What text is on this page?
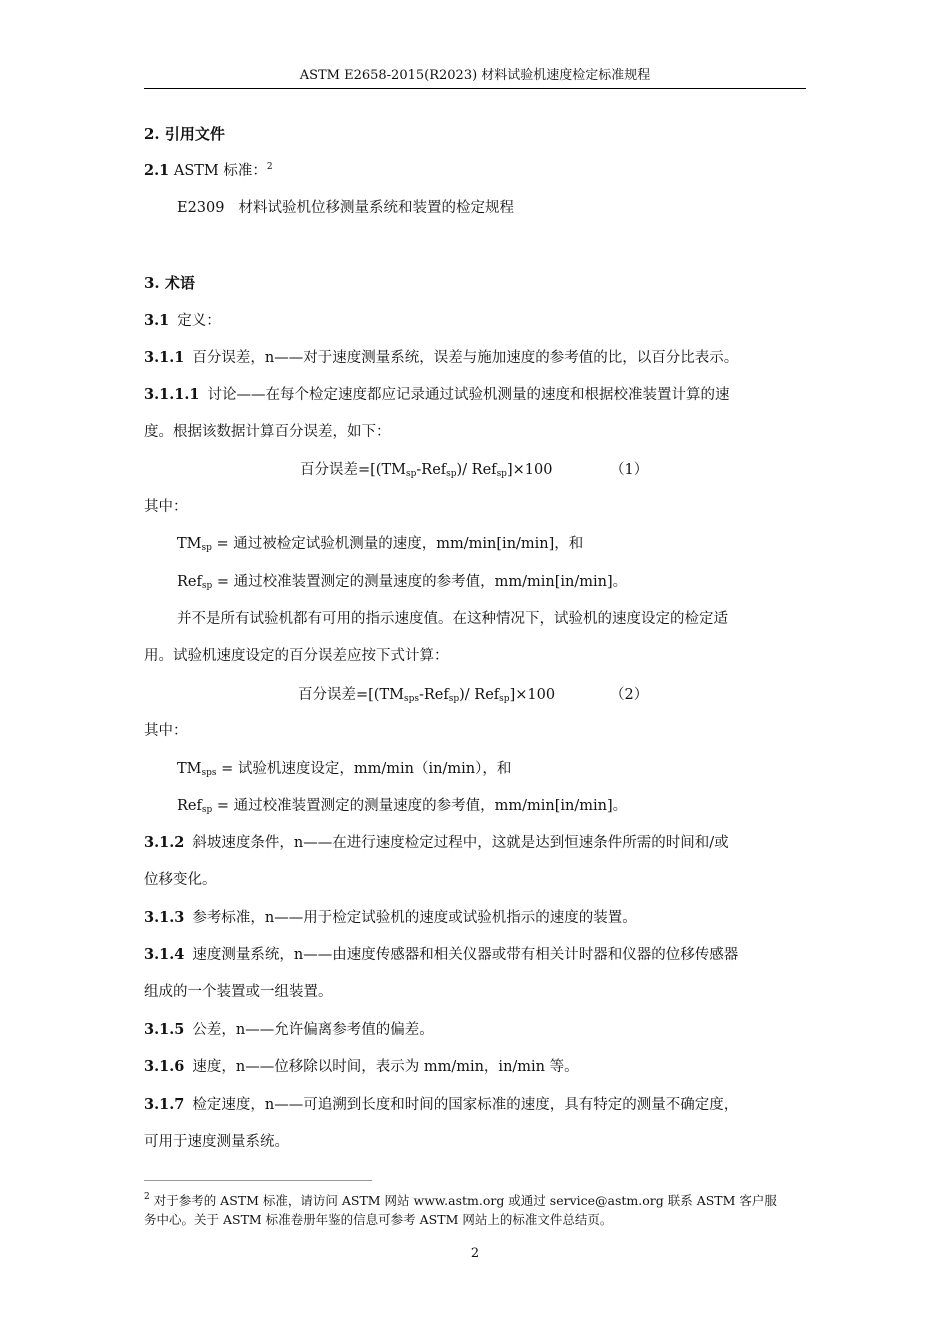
ASTM E2658-2015(R2023) 材料试验机速度检定标准规程
2. 引用文件
2.1 ASTM 标准：$^2$
E2309 材料试验机位移测量系统和装置的检定规程
3. 术语
3.1 定义：
3.1.1 百分误差，n——对于速度测量系统，误差与施加速度的参考值的比，以百分比表示。
3.1.1.1 讨论——在每个检定速度都应记录通过试验机测量的速度和根据校准装置计算的速
度。根据该数据计算百分误差，如下：
百分误差$=[(TM_{sp}-Ref_{sp})/$ Ref$_{sp}$]×100	（1）
其中：
$TM_{sp}$ = 通过被检定试验机测量的速度，mm/min[in/min]，和
Ref$_{sp}$ = 通过校准装置测定的测量速度的参考值，mm/min[in/min]。
并不是所有试验机都有可用的指示速度值。在这种情况下，试验机的速度设定的检定适
用。试验机速度设定的百分误差应按下式计算：
百分误差$=[(TM_{sps}-Ref_{sp})/$ Ref$_{sp}$]×100	（2）
其中：
$TM_{sps}$ = 试验机速度设定，mm/min（in/min），和
Ref$_{sp}$ = 通过校准装置测定的测量速度的参考值，mm/min[in/min]。
3.1.2 斜坡速度条件，n——在进行速度检定过程中，这就是达到恒速条件所需的时间和/或
位移变化。
3.1.3 参考标准，n——用于检定试验机的速度或试验机指示的速度的装置。
3.1.4 速度测量系统，n——由速度传感器和相关仪器或带有相关计时器和仪器的位移传感器
组成的一个装置或一组装置。
3.1.5 公差，n——允许偏离参考值的偏差。
3.1.6 速度，n——位移除以时间，表示为 mm/min，in/min 等。
3.1.7 检定速度，n——可追溯到长度和时间的国家标准的速度，具有特定的测量不确定度，
可用于速度测量系统。
$^2$ 对于参考的 ASTM 标准，请访问 ASTM 网站 www.astm.org 或通过 service@astm.org 联系 ASTM 客户服
务中心。关于 ASTM 标准卷册年鉴的信息可参考 ASTM 网站上的标准文件总结页。
2
